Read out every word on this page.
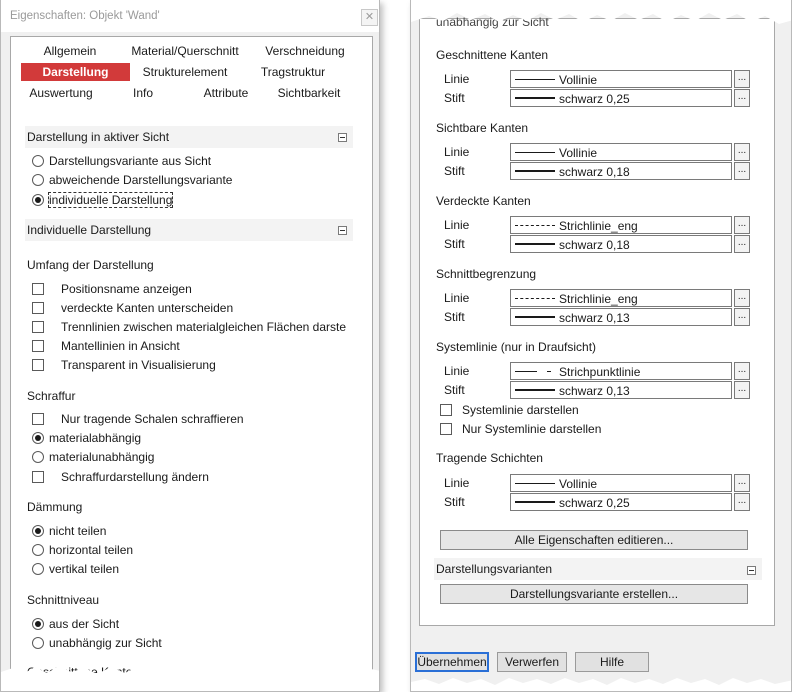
Eigenschaften: Objekt 'Wand'	✕
Allgemein	Material/Querschnitt	Verschneidung
Darstellung	Strukturelement	Tragstruktur
Auswertung	Info	Attribute	Sichtbarkeit
Darstellung in aktiver Sicht
Darstellungsvariante aus Sicht
abweichende Darstellungsvariante
individuelle Darstellung
Individuelle Darstellung
Umfang der Darstellung
Positionsname anzeigen
verdeckte Kanten unterscheiden
Trennlinien zwischen materialgleichen Flächen darste
Mantellinien in Ansicht
Transparent in Visualisierung
Schraffur
Nur tragende Schalen schraffieren
materialabhängig
materialunabhängig
Schraffurdarstellung ändern
Dämmung
nicht teilen
horizontal teilen
vertikal teilen
Schnittniveau
aus der Sicht
unabhängig zur Sicht
unabhängig zur Sicht
Geschnittene Kanten
Linie	Vollinie	...
Stift	schwarz 0,25	...
Sichtbare Kanten
Linie	Vollinie	...
Stift	schwarz 0,18	...
Verdeckte Kanten
Linie	Strichlinie_eng	...
Stift	schwarz 0,18	...
Schnittbegrenzung
Linie	Strichlinie_eng	...
Stift	schwarz 0,13	...
Systemlinie (nur in Draufsicht)
Linie	Strichpunktlinie	...
Stift	schwarz 0,13	...
Systemlinie darstellen
Nur Systemlinie darstellen
Tragende Schichten
Linie	Vollinie	...
Stift	schwarz 0,25	...
Alle Eigenschaften editieren...
Darstellungsvarianten
Darstellungsvariante erstellen...
Übernehmen	Verwerfen	Hilfe
